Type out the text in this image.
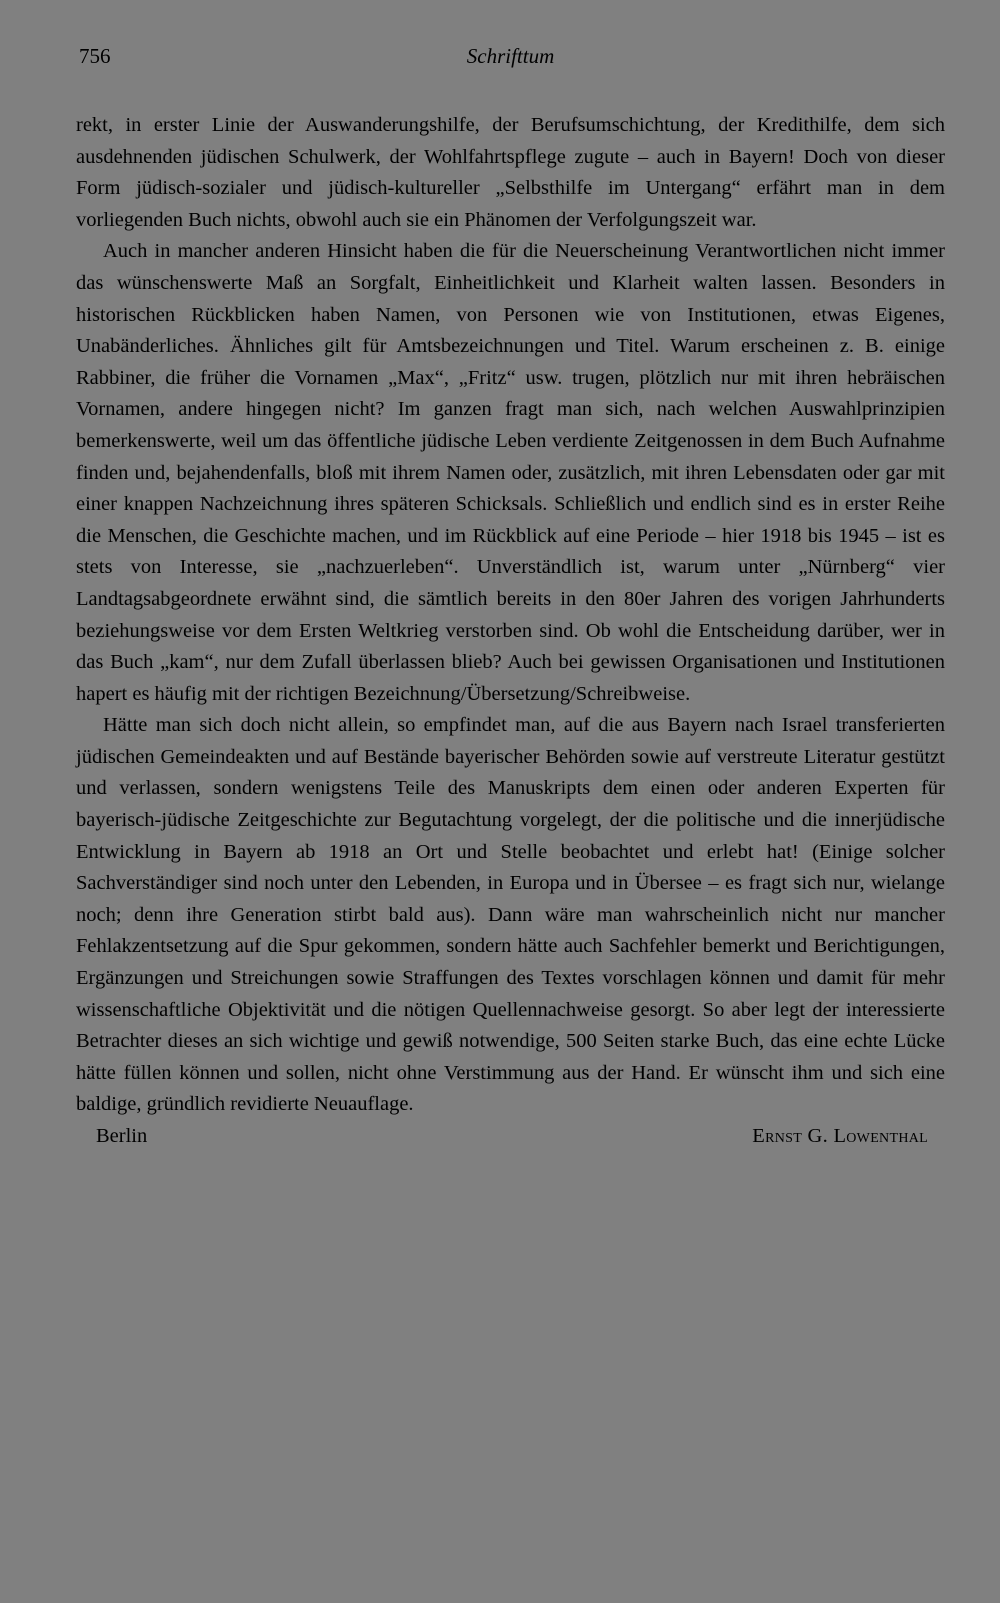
756	Schrifttum

rekt, in erster Linie der Auswanderungshilfe, der Berufsumschichtung, der Kredithilfe, dem sich ausdehnenden jüdischen Schulwerk, der Wohlfahrtspflege zugute – auch in Bayern! Doch von dieser Form jüdisch-sozialer und jüdisch-kultureller „Selbsthilfe im Untergang“ erfährt man in dem vorliegenden Buch nichts, obwohl auch sie ein Phänomen der Verfolgungszeit war.

Auch in mancher anderen Hinsicht haben die für die Neuerscheinung Verantwortlichen nicht immer das wünschenswerte Maß an Sorgfalt, Einheitlichkeit und Klarheit walten lassen. Besonders in historischen Rückblicken haben Namen, von Personen wie von Institutionen, etwas Eigenes, Unabänderliches. Ähnliches gilt für Amtsbezeichnungen und Titel. Warum erscheinen z. B. einige Rabbiner, die früher die Vornamen „Max“, „Fritz“ usw. trugen, plötzlich nur mit ihren hebräischen Vornamen, andere hingegen nicht? Im ganzen fragt man sich, nach welchen Auswahlprinzipien bemerkenswerte, weil um das öffentliche jüdische Leben verdiente Zeitgenossen in dem Buch Aufnahme finden und, bejahendenfalls, bloß mit ihrem Namen oder, zusätzlich, mit ihren Lebensdaten oder gar mit einer knappen Nachzeichnung ihres späteren Schicksals. Schließlich und endlich sind es in erster Reihe die Menschen, die Geschichte machen, und im Rückblick auf eine Periode – hier 1918 bis 1945 – ist es stets von Interesse, sie „nachzuerleben“. Unverständlich ist, warum unter „Nürnberg“ vier Landtagsabgeordnete erwähnt sind, die sämtlich bereits in den 80er Jahren des vorigen Jahrhunderts beziehungsweise vor dem Ersten Weltkrieg verstorben sind. Ob wohl die Entscheidung darüber, wer in das Buch „kam“, nur dem Zufall überlassen blieb? Auch bei gewissen Organisationen und Institutionen hapert es häufig mit der richtigen Bezeichnung/Übersetzung/Schreibweise.

Hätte man sich doch nicht allein, so empfindet man, auf die aus Bayern nach Israel transferierten jüdischen Gemeindeakten und auf Bestände bayerischer Behörden sowie auf verstreute Literatur gestützt und verlassen, sondern wenigstens Teile des Manuskripts dem einen oder anderen Experten für bayerisch-jüdische Zeitgeschichte zur Begutachtung vorgelegt, der die politische und die innerjüdische Entwicklung in Bayern ab 1918 an Ort und Stelle beobachtet und erlebt hat! (Einige solcher Sachverständiger sind noch unter den Lebenden, in Europa und in Übersee – es fragt sich nur, wielange noch; denn ihre Generation stirbt bald aus). Dann wäre man wahrscheinlich nicht nur mancher Fehlakzentsetzung auf die Spur gekommen, sondern hätte auch Sachfehler bemerkt und Berichtigungen, Ergänzungen und Streichungen sowie Straffungen des Textes vorschlagen können und damit für mehr wissenschaftliche Objektivität und die nötigen Quellennachweise gesorgt. So aber legt der interessierte Betrachter dieses an sich wichtige und gewiß notwendige, 500 Seiten starke Buch, das eine echte Lücke hätte füllen können und sollen, nicht ohne Verstimmung aus der Hand. Er wünscht ihm und sich eine baldige, gründlich revidierte Neuauflage.

Berlin	Ernst G. Lowenthal
